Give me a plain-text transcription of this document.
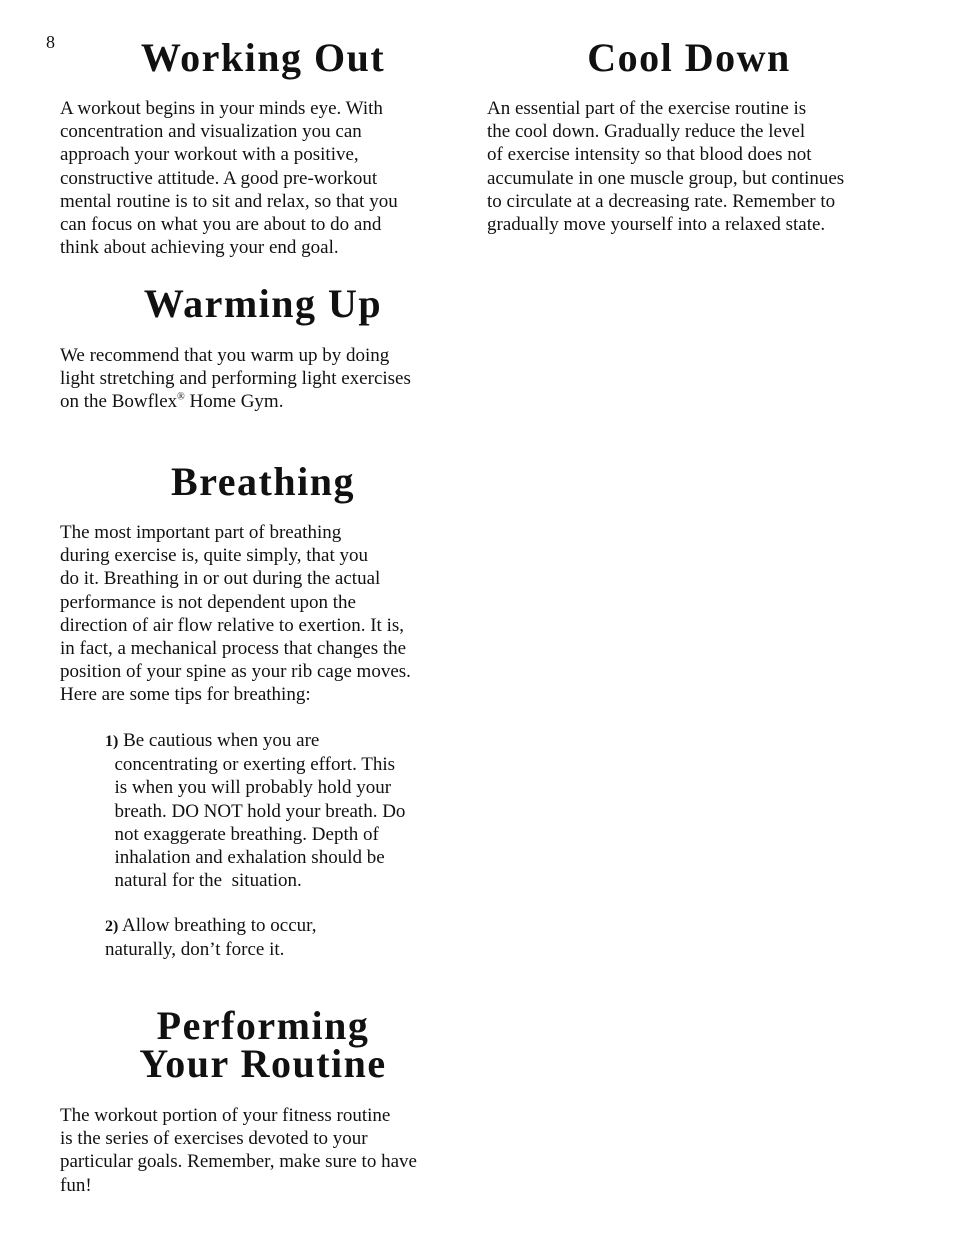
8	Working Out

A workout begins in your minds eye. With
concentration and visualization you can
approach your workout with a positive,
constructive attitude. A good pre-workout
mental routine is to sit and relax, so that you
can focus on what you are about to do and
think about achieving your end goal.

Warming Up

We recommend that you warm up by doing
light stretching and performing light exercises
on the Bowflex® Home Gym.

Breathing

The most important part of breathing
during exercise is, quite simply, that you
do it. Breathing in or out during the actual
performance is not dependent upon the
direction of air flow relative to exertion. It is,
in fact, a mechanical process that changes the
position of your spine as your rib cage moves.
Here are some tips for breathing:

1) Be cautious when you are
concentrating or exerting effort. This
is when you will probably hold your
breath. DO NOT hold your breath. Do
not exaggerate breathing. Depth of
inhalation and exhalation should be
natural for the  situation.
2) Allow breathing to occur,
naturally, don’t force it.
Performing
Your Routine

The workout portion of your fitness routine
is the series of exercises devoted to your
particular goals. Remember, make sure to have
fun!

Cool Down

An essential part of the exercise routine is
the cool down. Gradually reduce the level
of exercise intensity so that blood does not
accumulate in one muscle group, but continues
to circulate at a decreasing rate. Remember to
gradually move yourself into a relaxed state.
